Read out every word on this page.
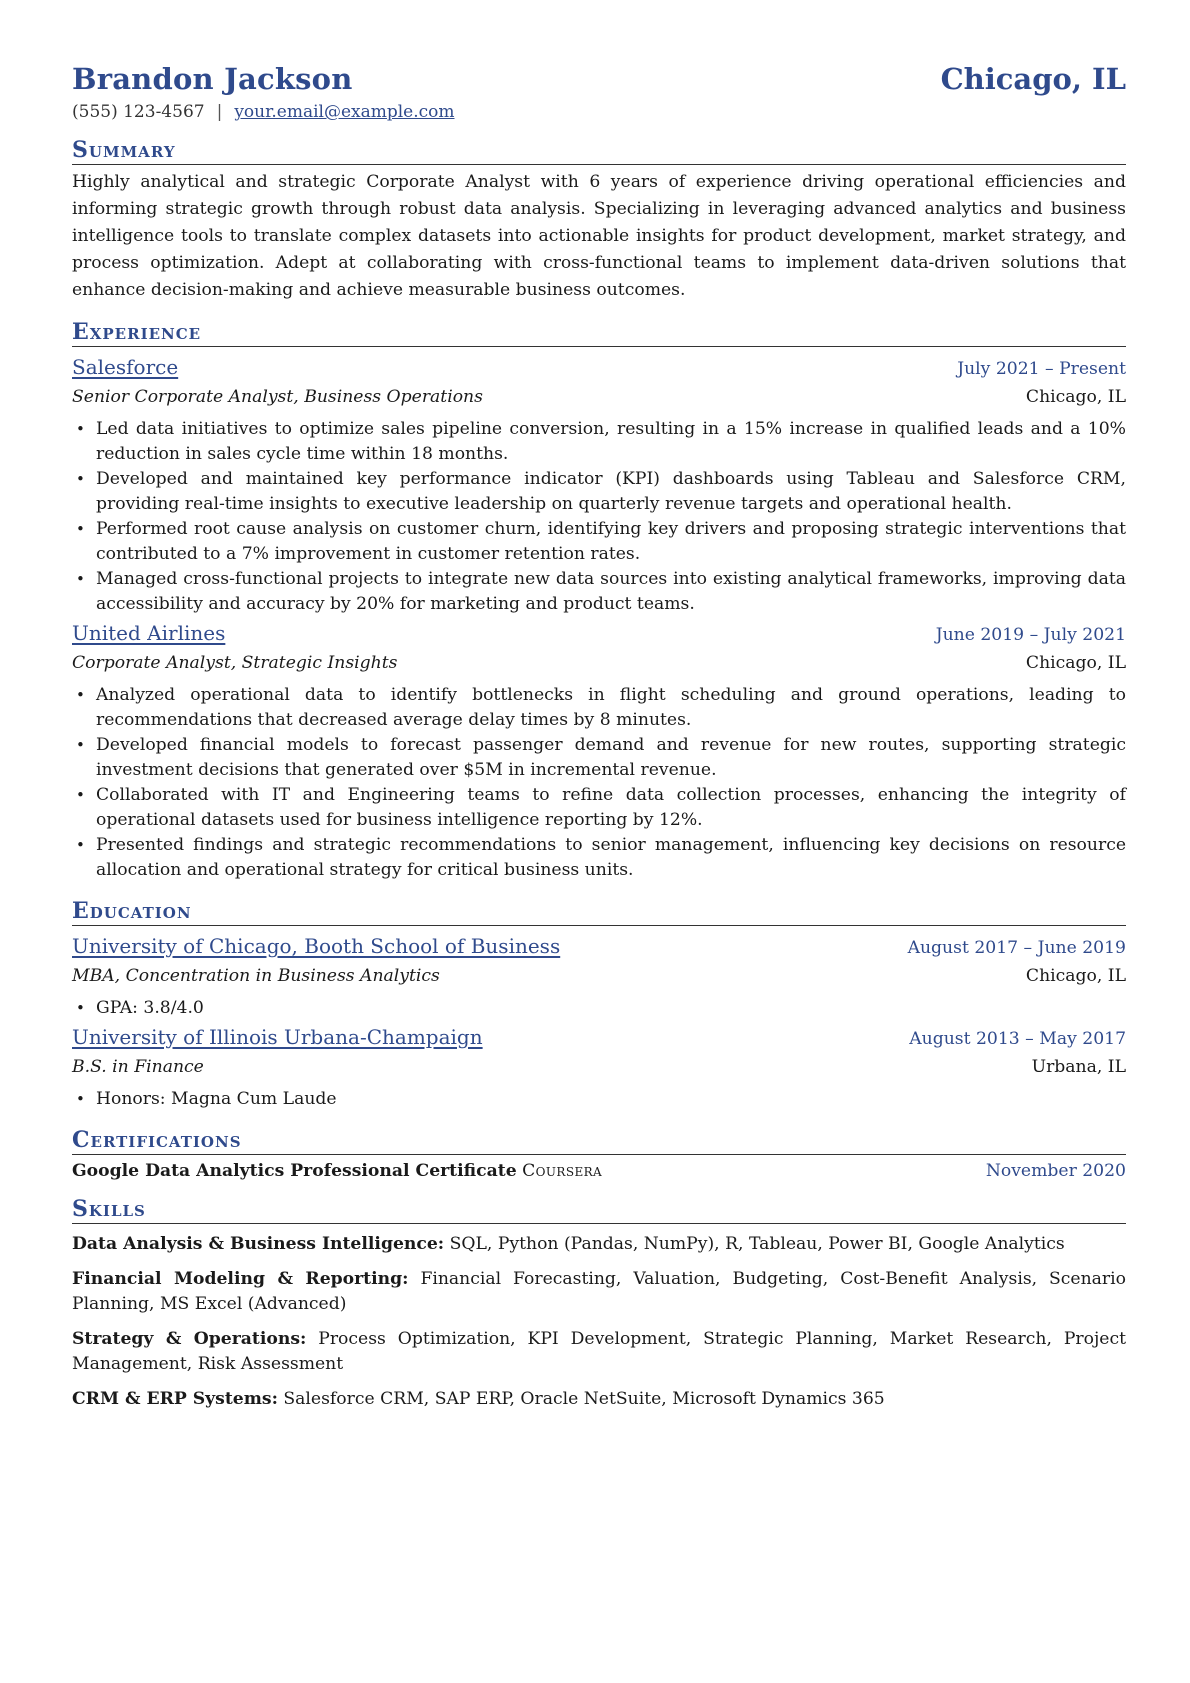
Brandon Jackson	Chicago, IL
(555) 123-4567 | your.email@example.com
Summary
Highly analytical and strategic Corporate Analyst with 6 years of experience driving operational efficiencies and informing strategic growth through robust data analysis. Specializing in leveraging advanced analytics and business intelligence tools to translate complex datasets into actionable insights for product development, market strategy, and process optimization. Adept at collaborating with cross-functional teams to implement data-driven solutions that enhance decision-making and achieve measurable business outcomes.
Experience
Salesforce	July 2021 – Present
Senior Corporate Analyst, Business Operations	Chicago, IL
• Led data initiatives to optimize sales pipeline conversion, resulting in a 15% increase in qualified leads and a 10% reduction in sales cycle time within 18 months.
• Developed and maintained key performance indicator (KPI) dashboards using Tableau and Salesforce CRM, providing real-time insights to executive leadership on quarterly revenue targets and operational health.
• Performed root cause analysis on customer churn, identifying key drivers and proposing strategic interventions that contributed to a 7% improvement in customer retention rates.
• Managed cross-functional projects to integrate new data sources into existing analytical frameworks, improving data accessibility and accuracy by 20% for marketing and product teams.
United Airlines	June 2019 – July 2021
Corporate Analyst, Strategic Insights	Chicago, IL
• Analyzed operational data to identify bottlenecks in flight scheduling and ground operations, leading to recommendations that decreased average delay times by 8 minutes.
• Developed financial models to forecast passenger demand and revenue for new routes, supporting strategic investment decisions that generated over $5M in incremental revenue.
• Collaborated with IT and Engineering teams to refine data collection processes, enhancing the integrity of operational datasets used for business intelligence reporting by 12%.
• Presented findings and strategic recommendations to senior management, influencing key decisions on resource allocation and operational strategy for critical business units.
Education
University of Chicago, Booth School of Business	August 2017 – June 2019
MBA, Concentration in Business Analytics	Chicago, IL
• GPA: 3.8/4.0
University of Illinois Urbana-Champaign	August 2013 – May 2017
B.S. in Finance	Urbana, IL
• Honors: Magna Cum Laude
Certifications
Google Data Analytics Professional Certificate Coursera	November 2020
Skills
Data Analysis & Business Intelligence: SQL, Python (Pandas, NumPy), R, Tableau, Power BI, Google Analytics
Financial Modeling & Reporting: Financial Forecasting, Valuation, Budgeting, Cost-Benefit Analysis, Scenario Planning, MS Excel (Advanced)
Strategy & Operations: Process Optimization, KPI Development, Strategic Planning, Market Research, Project Management, Risk Assessment
CRM & ERP Systems: Salesforce CRM, SAP ERP, Oracle NetSuite, Microsoft Dynamics 365
